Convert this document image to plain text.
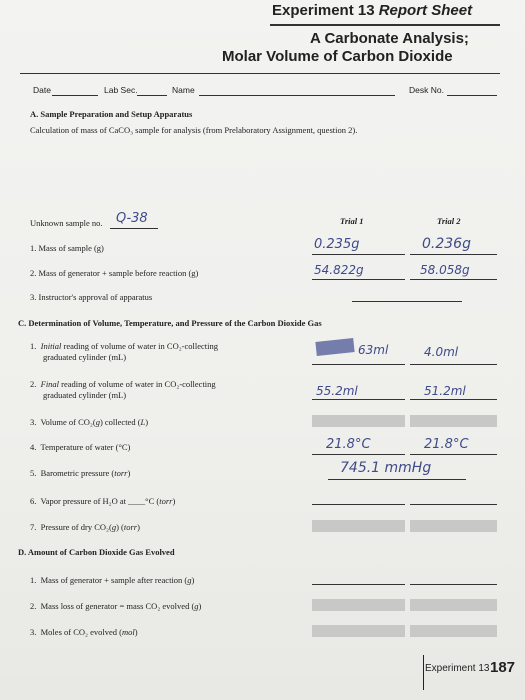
Experiment 13 Report Sheet
A Carbonate Analysis;
Molar Volume of Carbon Dioxide
Date	Lab Sec.	Name	Desk No.
A. Sample Preparation and Setup Apparatus
Calculation of mass of CaCO₃ sample for analysis (from Prelaboratory Assignment, question 2).
Unknown sample no. Q-38	Trial 1	Trial 2
1. Mass of sample (g)	0.235g	0.236g
2. Mass of generator + sample before reaction (g)	54.822g	58.058g
3. Instructor's approval of apparatus
C. Determination of Volume, Temperature, and Pressure of the Carbon Dioxide Gas
1.  Initial reading of volume of water in CO₂-collecting
graduated cylinder (mL)	63ml	4.0ml
2.  Final reading of volume of water in CO₂-collecting
graduated cylinder (mL)	55.2ml	51.2ml
3.  Volume of CO₂(g) collected (L)
4.  Temperature of water (°C)	21.8°C	21.8°C
5.  Barometric pressure (torr)	745.1 mmHg
6.  Vapor pressure of H₂O at ____°C (torr)
7.  Pressure of dry CO₂(g) (torr)
D. Amount of Carbon Dioxide Gas Evolved
1.  Mass of generator + sample after reaction (g)
2.  Mass loss of generator = mass CO₂ evolved (g)
3.  Moles of CO₂ evolved (mol)
Experiment 13 187
